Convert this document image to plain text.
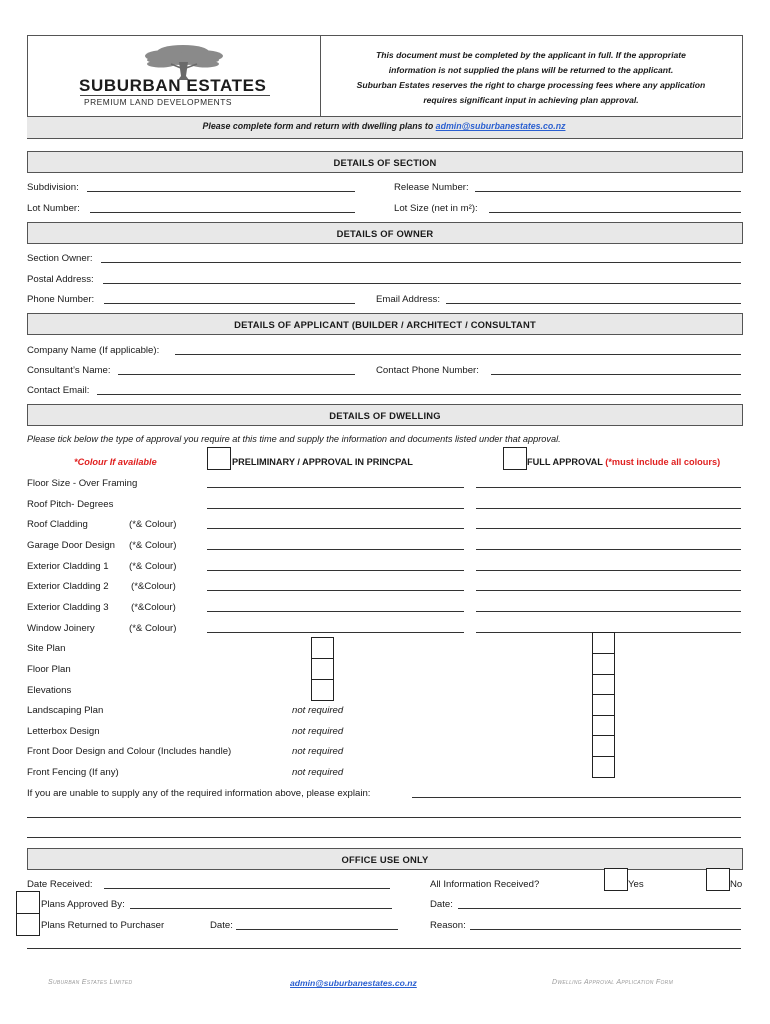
SUBURBAN ESTATES
PREMIUM LAND DEVELOPMENTS
This document must be completed by the applicant in full. If the appropriate
information is not supplied the plans will be returned to the applicant.
Suburban Estates reserves the right to charge processing fees where any application
requires significant input in achieving plan approval.
Please complete form and return with dwelling plans to admin@suburbanestates.co.nz
DETAILS OF SECTION
Subdivision:	Release Number:
Lot Number:	Lot Size (net in m²):
DETAILS OF OWNER
Section Owner:
Postal Address:
Phone Number:	Email Address:
DETAILS OF APPLICANT (BUILDER / ARCHITECT / CONSULTANT
Company Name (If applicable):
Consultant’s Name:	Contact Phone Number:
Contact Email:
DETAILS OF DWELLING
Please tick below the type of approval you require at this time and supply the information and documents listed under that approval.
*Colour If available	PRELIMINARY / APPROVAL IN PRINCPAL	FULL APPROVAL (*must include all colours)
Floor Size - Over Framing
Roof Pitch- Degrees
Roof Cladding	(*& Colour)
Garage Door Design (*& Colour)
Exterior Cladding 1 (*& Colour)
Exterior Cladding 2 (*&Colour)
Exterior Cladding 3 (*&Colour)
Window Joinery	(*& Colour)
Site Plan
Floor Plan
Elevations
Landscaping Plan	not required
Letterbox Design	not required
Front Door Design and Colour (Includes handle)	not required
Front Fencing (If any)	not required
If you are unable to supply any of the required information above, please explain:
OFFICE USE ONLY
Date Received:	All Information Received?	Yes	No
Plans Approved By:	Date:
Plans Returned to Purchaser	Date:	Reason:
Suburban Estates Limited	admin@suburbanestates.co.nz	Dwelling Approval Application Form
